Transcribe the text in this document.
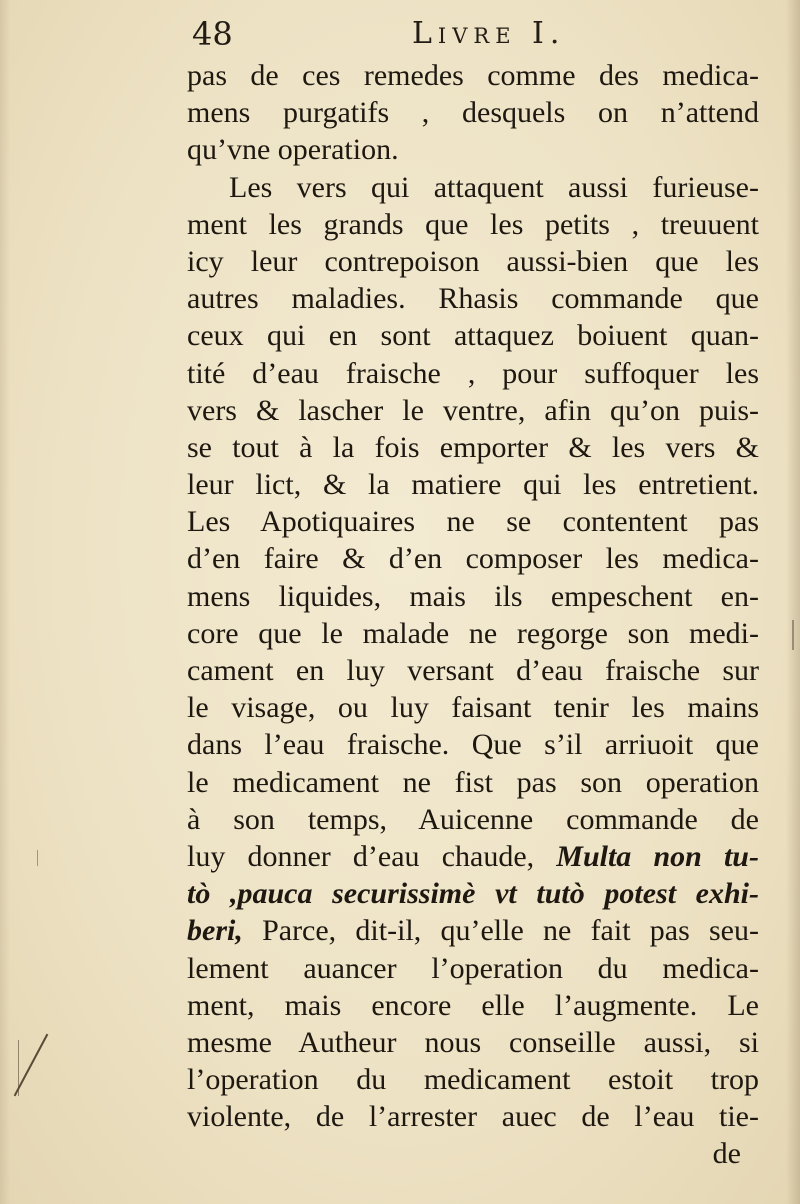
48	Livre I.
pas de ces remedes comme des medica-
mens purgatifs , desquels on n’attend
qu’vne operation.
Les vers qui attaquent aussi furieuse-
ment les grands que les petits , treuuent
icy leur contrepoison aussi-bien que les
autres maladies. Rhasis commande que
ceux qui en sont attaquez boiuent quan-
tité d’eau fraische , pour suffoquer les
vers & lascher le ventre, afin qu’on puis-
se tout à la fois emporter & les vers &
leur lict, & la matiere qui les entretient.
Les Apotiquaires ne se contentent pas
d’en faire & d’en composer les medica-
mens liquides, mais ils empeschent en-
core que le malade ne regorge son medi-
cament en luy versant d’eau fraische sur
le visage, ou luy faisant tenir les mains
dans l’eau fraische. Que s’il arriuoit que
le medicament ne fist pas son operation
à son temps, Auicenne commande de
luy donner d’eau chaude, Multa non tu-
tò ,pauca securissimè vt tutò potest exhi-
beri, Parce, dit-il, qu’elle ne fait pas seu-
lement auancer l’operation du medica-
ment, mais encore elle l’augmente. Le
mesme Autheur nous conseille aussi, si
l’operation du medicament estoit trop
violente, de l’arrester auec de l’eau tie-
de
